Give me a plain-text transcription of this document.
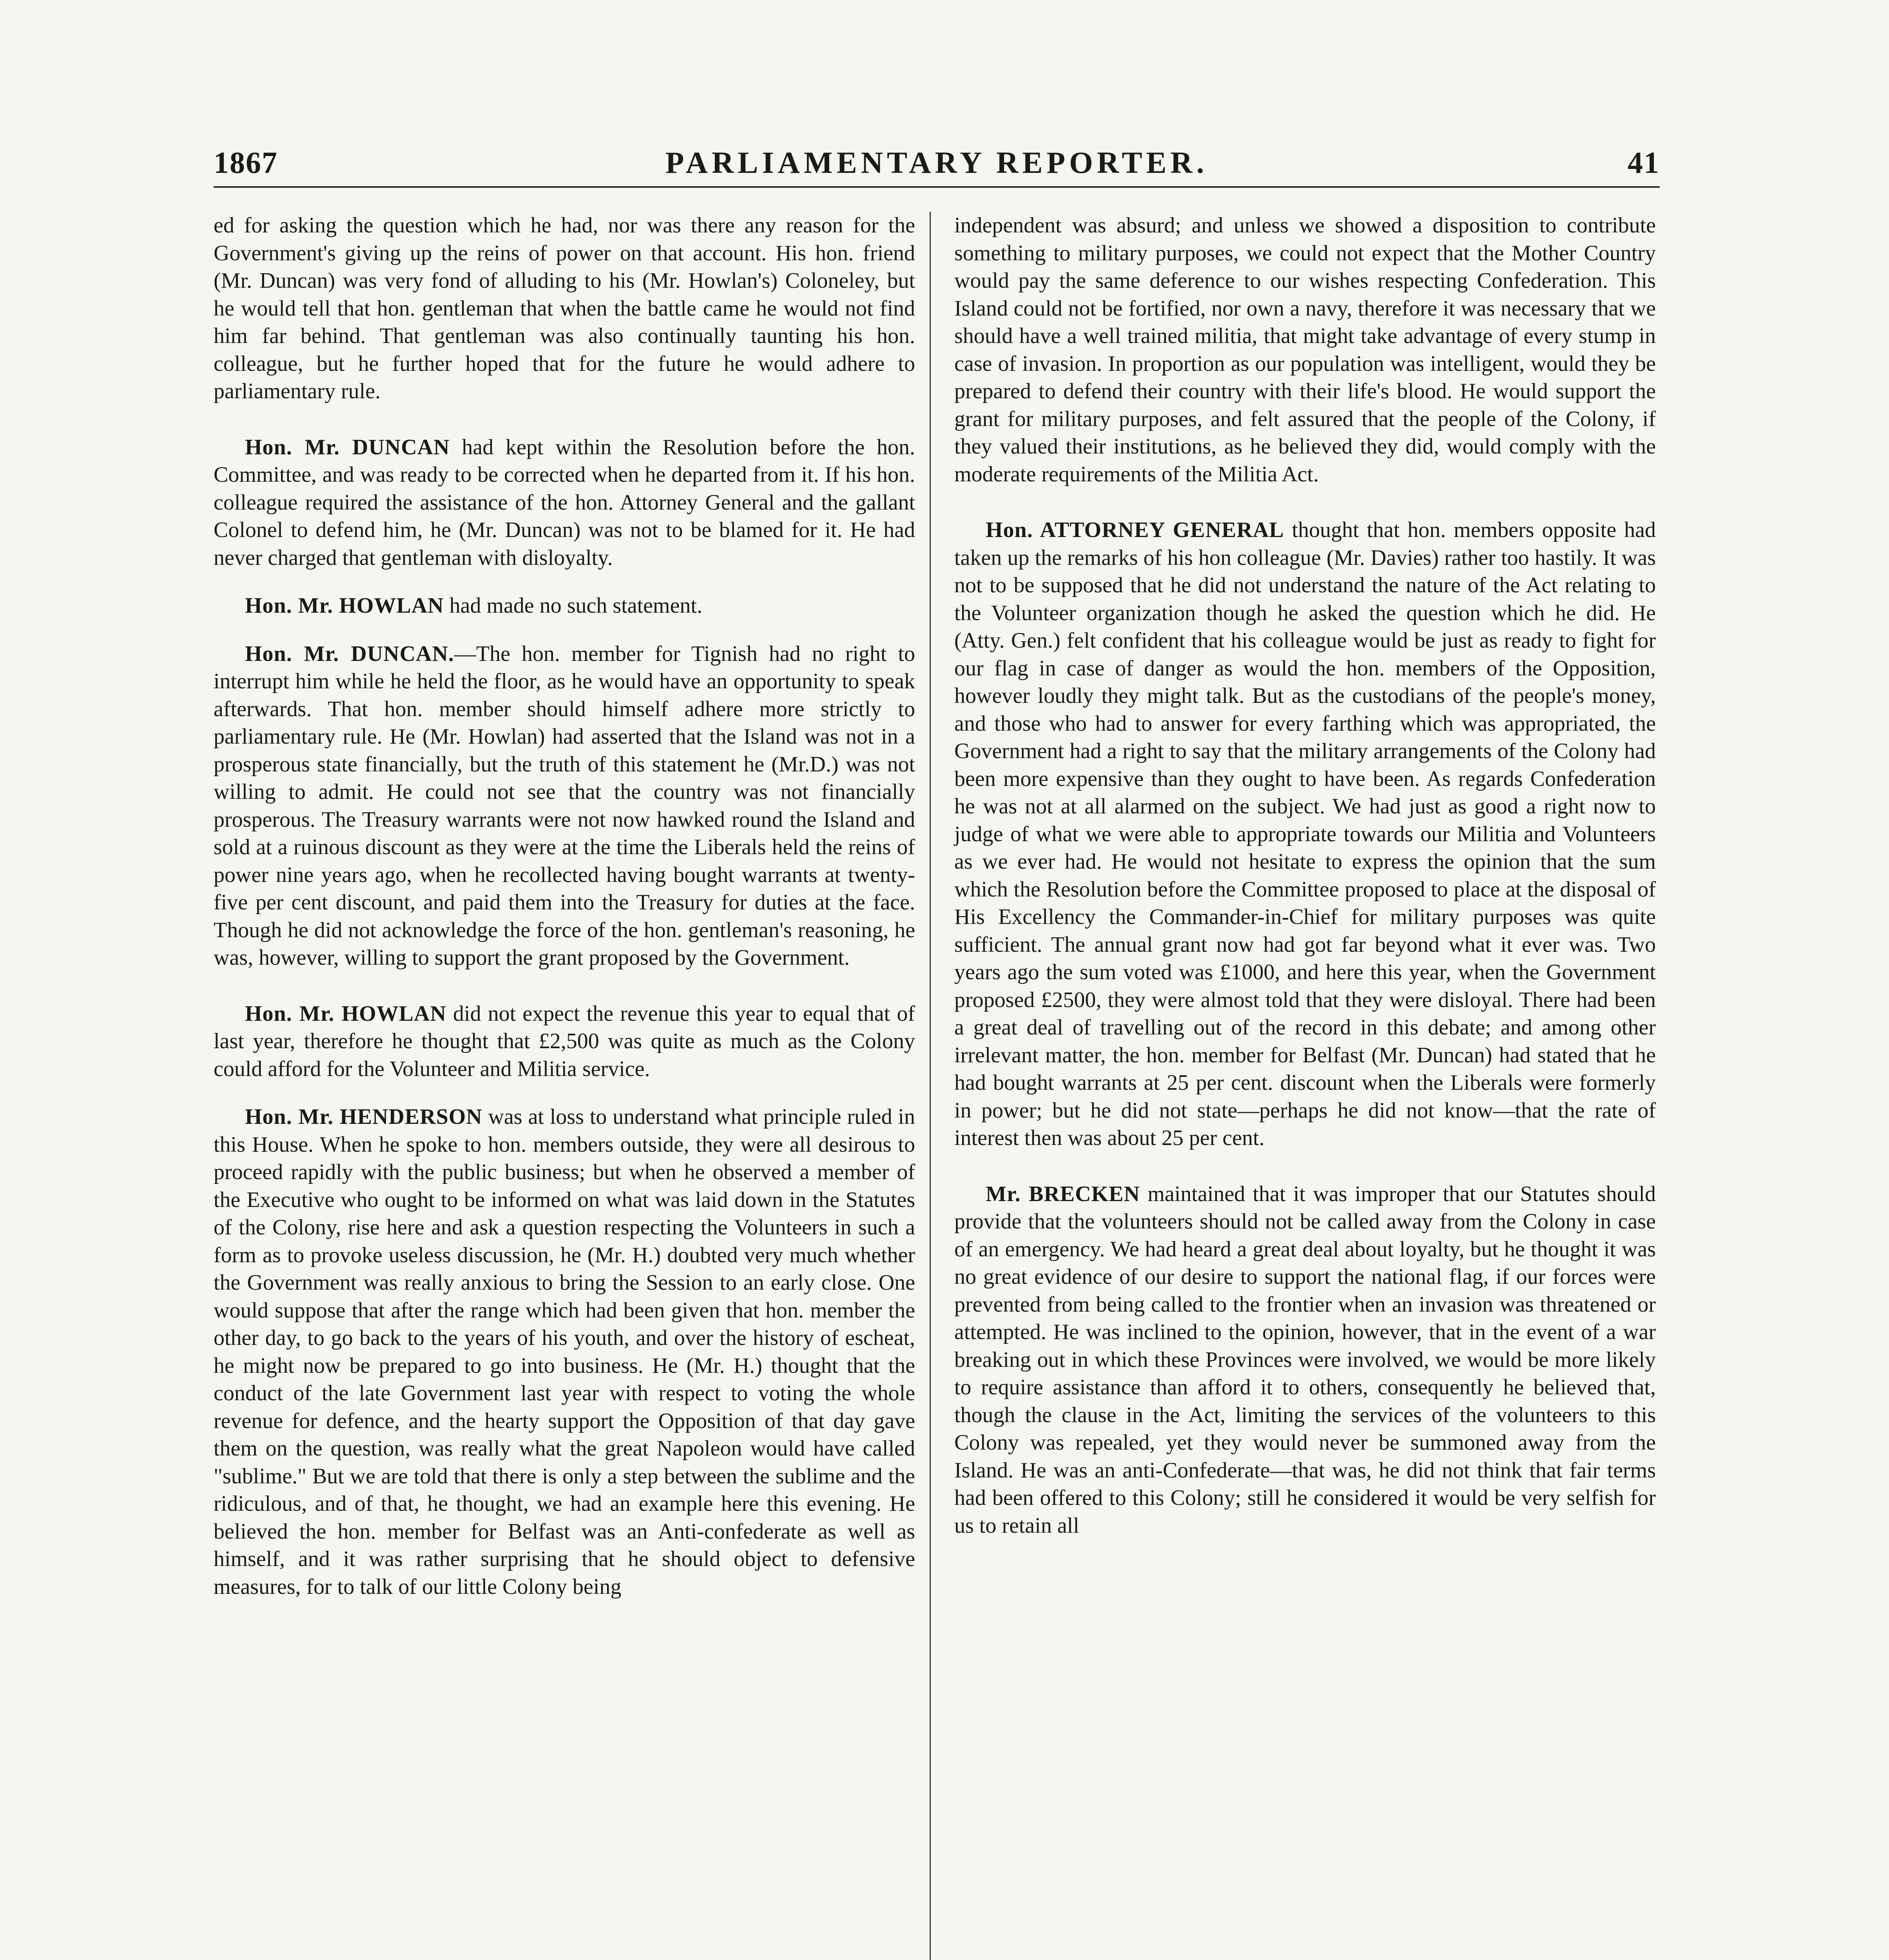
1867	PARLIAMENTARY REPORTER.	41

ed for asking the question which he had, nor was there any reason for the Government's giving up the reins of power on that account. His hon. friend (Mr. Duncan) was very fond of alluding to his (Mr. Howlan's) Coloneley, but he would tell that hon. gentleman that when the battle came he would not find him far behind. That gentleman was also continually taunting his hon. colleague, but he further hoped that for the future he would adhere to parliamentary rule.

Hon. Mr. DUNCAN had kept within the Resolution before the hon. Committee, and was ready to be corrected when he departed from it. If his hon. colleague required the assistance of the hon. Attorney General and the gallant Colonel to defend him, he (Mr. Duncan) was not to be blamed for it. He had never charged that gentleman with disloyalty.

Hon. Mr. HOWLAN had made no such statement.

Hon. Mr. DUNCAN.—The hon. member for Tignish had no right to interrupt him while he held the floor, as he would have an opportunity to speak afterwards. That hon. member should himself adhere more strictly to parliamentary rule. He (Mr. Howlan) had asserted that the Island was not in a prosperous state financially, but the truth of this statement he (Mr.D.) was not willing to admit. He could not see that the country was not financially prosperous. The Treasury warrants were not now hawked round the Island and sold at a ruinous discount as they were at the time the Liberals held the reins of power nine years ago, when he recollected having bought warrants at twenty-five per cent discount, and paid them into the Treasury for duties at the face. Though he did not acknowledge the force of the hon. gentleman's reasoning, he was, however, willing to support the grant proposed by the Government.

Hon. Mr. HOWLAN did not expect the revenue this year to equal that of last year, therefore he thought that £2,500 was quite as much as the Colony could afford for the Volunteer and Militia service.

Hon. Mr. HENDERSON was at loss to understand what principle ruled in this House. When he spoke to hon. members outside, they were all desirous to proceed rapidly with the public business; but when he observed a member of the Executive who ought to be informed on what was laid down in the Statutes of the Colony, rise here and ask a question respecting the Volunteers in such a form as to provoke useless discussion, he (Mr. H.) doubted very much whether the Government was really anxious to bring the Session to an early close. One would suppose that after the range which had been given that hon. member the other day, to go back to the years of his youth, and over the history of escheat, he might now be prepared to go into business. He (Mr. H.) thought that the conduct of the late Government last year with respect to voting the whole revenue for defence, and the hearty support the Opposition of that day gave them on the question, was really what the great Napoleon would have called "sublime." But we are told that there is only a step between the sublime and the ridiculous, and of that, he thought, we had an example here this evening. He believed the hon. member for Belfast was an Anti-confederate as well as himself, and it was rather surprising that he should object to defensive measures, for to talk of our little Colony being

independent was absurd; and unless we showed a disposition to contribute something to military purposes, we could not expect that the Mother Country would pay the same deference to our wishes respecting Confederation. This Island could not be fortified, nor own a navy, therefore it was necessary that we should have a well trained militia, that might take advantage of every stump in case of invasion. In proportion as our population was intelligent, would they be prepared to defend their country with their life's blood. He would support the grant for military purposes, and felt assured that the people of the Colony, if they valued their institutions, as he believed they did, would comply with the moderate requirements of the Militia Act.

Hon. ATTORNEY GENERAL thought that hon. members opposite had taken up the remarks of his hon colleague (Mr. Davies) rather too hastily. It was not to be supposed that he did not understand the nature of the Act relating to the Volunteer organization though he asked the question which he did. He (Atty. Gen.) felt confident that his colleague would be just as ready to fight for our flag in case of danger as would the hon. members of the Opposition, however loudly they might talk. But as the custodians of the people's money, and those who had to answer for every farthing which was appropriated, the Government had a right to say that the military arrangements of the Colony had been more expensive than they ought to have been. As regards Confederation he was not at all alarmed on the subject. We had just as good a right now to judge of what we were able to appropriate towards our Militia and Volunteers as we ever had. He would not hesitate to express the opinion that the sum which the Resolution before the Committee proposed to place at the disposal of His Excellency the Commander-in-Chief for military purposes was quite sufficient. The annual grant now had got far beyond what it ever was. Two years ago the sum voted was £1000, and here this year, when the Government proposed £2500, they were almost told that they were disloyal. There had been a great deal of travelling out of the record in this debate; and among other irrelevant matter, the hon. member for Belfast (Mr. Duncan) had stated that he had bought warrants at 25 per cent. discount when the Liberals were formerly in power; but he did not state—perhaps he did not know—that the rate of interest then was about 25 per cent.

Mr. BRECKEN maintained that it was improper that our Statutes should provide that the volunteers should not be called away from the Colony in case of an emergency. We had heard a great deal about loyalty, but he thought it was no great evidence of our desire to support the national flag, if our forces were prevented from being called to the frontier when an invasion was threatened or attempted. He was inclined to the opinion, however, that in the event of a war breaking out in which these Provinces were involved, we would be more likely to require assistance than afford it to others, consequently he believed that, though the clause in the Act, limiting the services of the volunteers to this Colony was repealed, yet they would never be summoned away from the Island. He was an anti-Confederate—that was, he did not think that fair terms had been offered to this Colony; still he considered it would be very selfish for us to retain all
